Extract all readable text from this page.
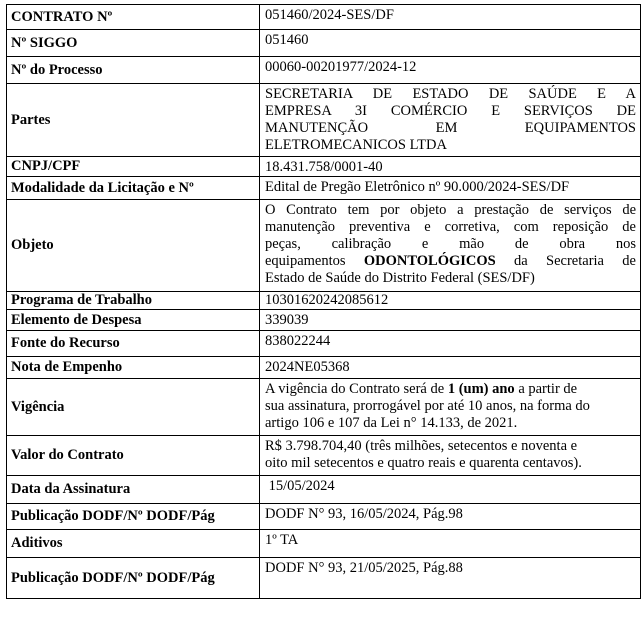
CONTRATO Nº	051460/2024-SES/DF
Nº SIGGO	051460
Nº do Processo	00060-00201977/2024-12
Partes	SECRETARIA DE ESTADO DE SAÚDE E A
EMPRESA 3I COMÉRCIO E SERVIÇOS DE
MANUTENÇÃO EM EQUIPAMENTOS
ELETROMECANICOS LTDA

CNPJ/CPF	18.431.758/0001-40
Modalidade da Licitação e Nº	Edital de Pregão Eletrônico nº 90.000/2024-SES/DF
Objeto	O Contrato tem por objeto a prestação de serviços de
manutenção preventiva e corretiva, com reposição de
peças, calibração e mão de obra nos
equipamentos ODONTOLÓGICOS da Secretaria de
Estado de Saúde do Distrito Federal (SES/DF)

Programa de Trabalho	10301620242085612
Elemento de Despesa	339039
Fonte do Recurso	838022244
Nota de Empenho	2024NE05368
Vigência	A vigência do Contrato será de 1 (um) ano a partir de
sua assinatura, prorrogável por até 10 anos, na forma do
artigo 106 e 107 da Lei n° 14.133, de 2021.
Valor do Contrato	R$ 3.798.704,40 (três milhões, setecentos e noventa e
oito mil setecentos e quatro reais e quarenta centavos).
Data da Assinatura	15/05/2024
Publicação DODF/Nº DODF/Pág	DODF N° 93, 16/05/2024, Pág.98
Aditivos	1º TA
Publicação DODF/Nº DODF/Pág	DODF N° 93, 21/05/2025, Pág.88
